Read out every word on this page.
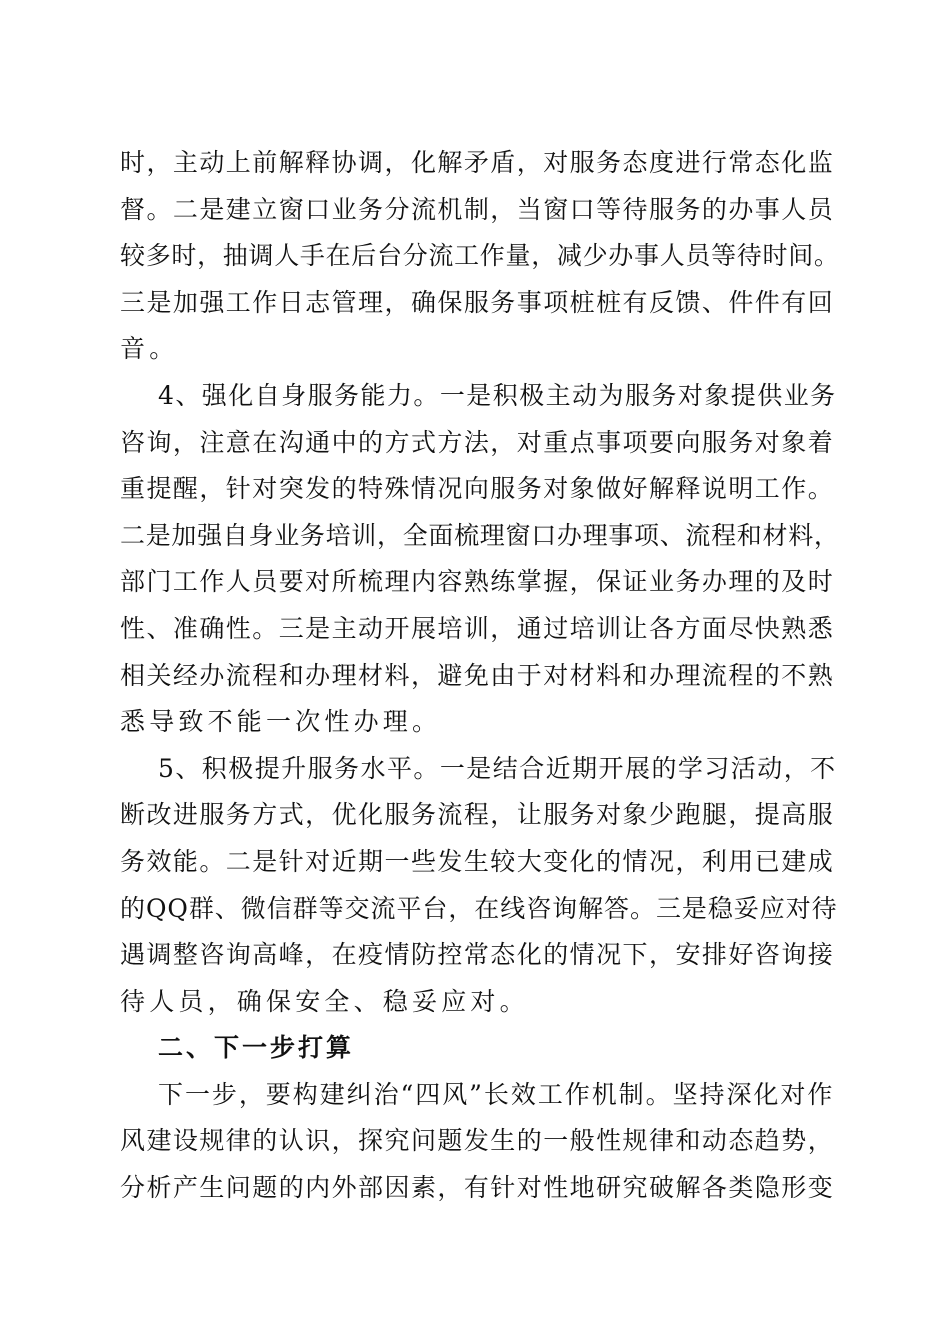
时，主动上前解释协调，化解矛盾，对服务态度进行常态化监

督。二是建立窗口业务分流机制，当窗口等待服务的办事人员

较多时，抽调人手在后台分流工作量，减少办事人员等待时间。

三是加强工作日志管理，确保服务事项桩桩有反馈、件件有回

音。

4、强化自身服务能力。一是积极主动为服务对象提供业务

咨询，注意在沟通中的方式方法，对重点事项要向服务对象着

重提醒，针对突发的特殊情况向服务对象做好解释说明工作。

二是加强自身业务培训，全面梳理窗口办理事项、流程和材料，

部门工作人员要对所梳理内容熟练掌握，保证业务办理的及时

性、准确性。三是主动开展培训，通过培训让各方面尽快熟悉

相关经办流程和办理材料，避免由于对材料和办理流程的不熟

悉导致不能一次性办理。

5、积极提升服务水平。一是结合近期开展的学习活动，不

断改进服务方式，优化服务流程，让服务对象少跑腿，提高服

务效能。二是针对近期一些发生较大变化的情况，利用已建成

的QQ群、微信群等交流平台，在线咨询解答。三是稳妥应对待

遇调整咨询高峰，在疫情防控常态化的情况下，安排好咨询接

待人员，确保安全、稳妥应对。

二、下一步打算

下一步，要构建纠治“四风”长效工作机制。坚持深化对作

风建设规律的认识，探究问题发生的一般性规律和动态趋势，

分析产生问题的内外部因素，有针对性地研究破解各类隐形变
